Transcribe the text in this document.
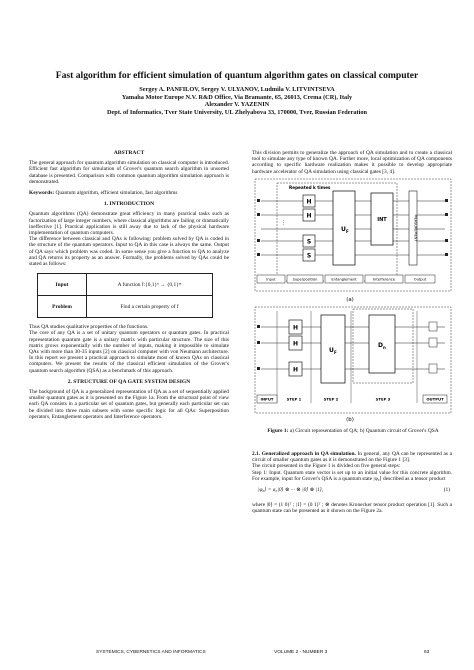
Fast algorithm for efficient simulation of quantum algorithm gates on classical computer
Sergey A. PANFILOV, Sergey V. ULYANOV, Ludmila V. LITVINTSEVA
Yamaha Motor Europe N.V. R&D Office, Via Bramante, 65, 26013, Crema (CR), Italy
Alexander V. YAZENIN
Dept. of Informatics, Tver State University, UL Zhelyabova 33, 170000, Tver, Russian Federation
ABSTRACT

The general approach for quantum algorithm simulation on classical computer is introduced. Efficient fast algorithm for simulation of Grover's quantum search algorithm in unsorted database is presented. Comparison with common quantum algorithm simulation approach is demonstrated.

Keywords: Quantum algorithm, efficient simulation, fast algorithms

1. INTRODUCTION

Quantum algorithms (QA) demonstrate great efficiency in many practical tasks such as factorization of large integer numbers, where classical algorithms are failing or dramatically ineffective [1]. Practical application is still away due to lack of the physical hardware implementation of quantum computers.

The difference between classical and QAs is following: problem solved by QA is coded in the structure of the quantum operators. Input to QA in this case is always the same. Output of QA says which problem was coded. In some sense you give a function to QA to analyze and QA returns its property as an answer. Formally, the problems solved by QAs could be stated as follows:

Input	A function f:{0,1}ⁿ → {0,1}ᵐ
Problem	Find a certain property of f

Thus QA studies qualitative properties of the functions.

The core of any QA is a set of unitary quantum operators or quantum gates. In practical representation quantum gate is a unitary matrix with particular structure. The size of this matrix grows exponentially with the number of inputs, making it impossible to simulate QAs with more than 30-35 inputs [2] on classical computer with von Neumann architecture. In this report we present a practical approach to simulate most of known QAs on classical computers. We present the results of the classical efficient simulation of the Grover's quantum search algorithm (QSA) as a benchmark of this approach.

2. STRUCTURE OF QA GATE SYSTEM DESIGN

The background of QA is a generalized representation of QA as a set of sequentially applied smaller quantum gates as it is presented on the Figure 1a. From the structural point of view each QA consists in a particular set of quantum gates, but generally each particular set can be divided into three main subsets with some specific logic for all QAs: Superposition operators, Entanglement operators and Interference operators.

This division permits to generalize the approach of QA simulation and to create a classical tool to simulate any type of known QA. Further more, local optimization of QA components according to specific hardware realization makes it possible to develop appropriate hardware accelerator of QA simulation using classical gates [3, 4].

Repeated k times
H
H
S
S
U F
INT	MEASUREMENT
⋮
Input	Superposition	Entanglement	Interference	Output
(a)
H
H
H
U F
D n
INPUT	STEP 1	STEP 2	STEP 3	OUTPUT
(b)
Figure 1: a) Circuit representation of QA; b) Quantum circuit of Grover's QSA

2.1. Generalized approach in QA simulation. In general, any QA can be represented as a circuit of smaller quantum gates as it is demonstrated on the Figure 1 [3].

The circuit presented in the Figure 1 is divided on five general steps:

Step 1: Input. Quantum state vector is set up to an initial value for this concrete algorithm. For example, input for Grover's QSA is a quantum state |φ₀⟩ described as a tensor product

|φ₀⟩ = a₀|0⟩ ⊗ ··· ⊗ |0⟩ ⊗ |1⟩,	(1)

where |0⟩ = (1 0)ᵀ ; |1⟩ = (0 1)ᵀ ; ⊗ denotes Kronecker tensor product operation [1]. Such a quantum state can be presented as it shown on the Figure 2a.

SYSTEMICS, CYBERNETICS AND INFORMATICS	VOLUME 2 - NUMBER 3	63
